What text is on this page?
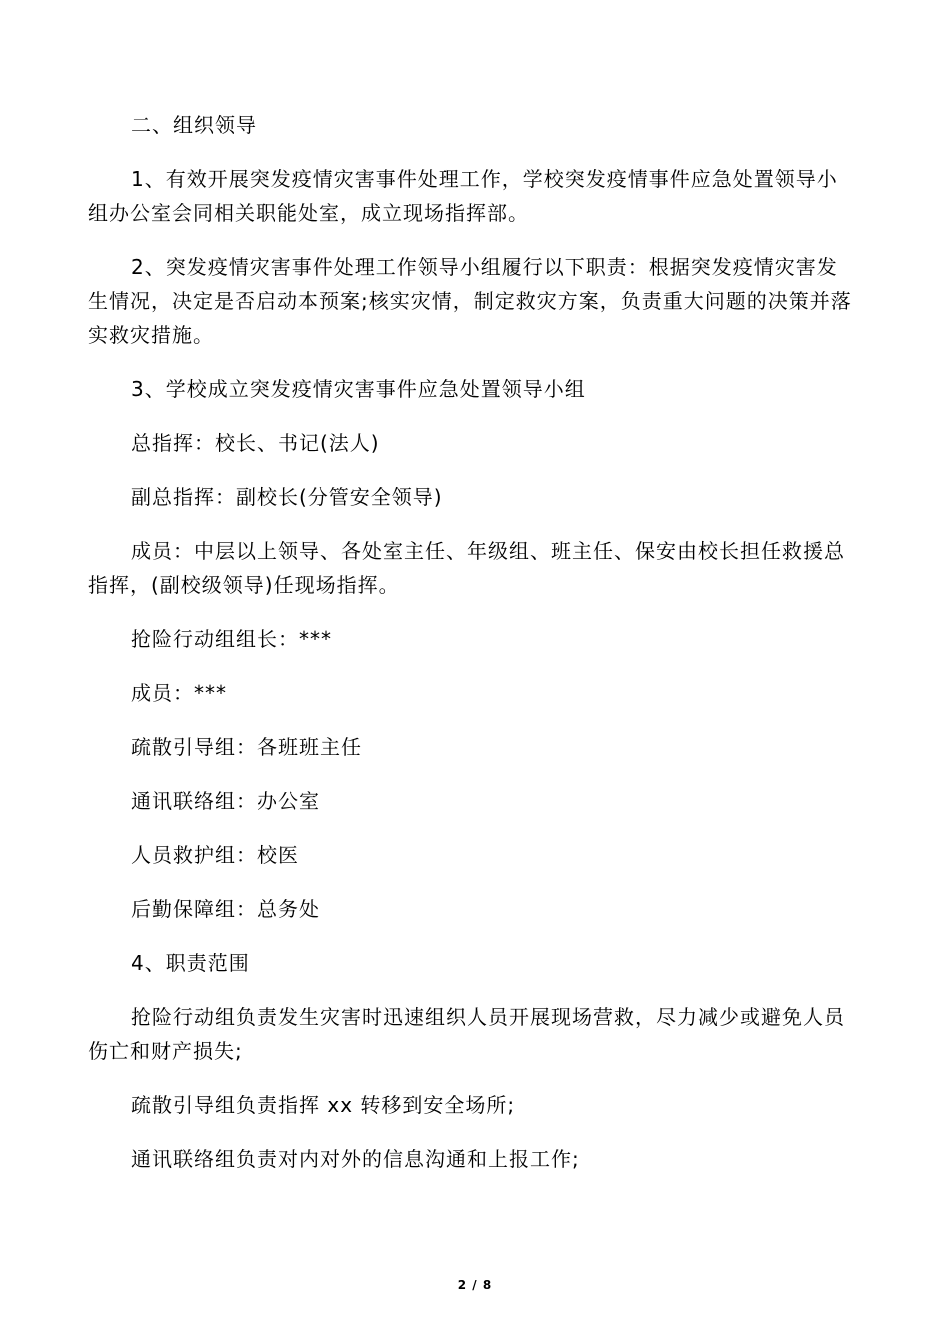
二、组织领导

1、有效开展突发疫情灾害事件处理工作，学校突发疫情事件应急处置领导小组办公室会同相关职能处室，成立现场指挥部。

2、突发疫情灾害事件处理工作领导小组履行以下职责：根据突发疫情灾害发生情况，决定是否启动本预案;核实灾情，制定救灾方案，负责重大问题的决策并落实救灾措施。

3、学校成立突发疫情灾害事件应急处置领导小组

总指挥：校长、书记(法人)

副总指挥：副校长(分管安全领导)

成员：中层以上领导、各处室主任、年级组、班主任、保安由校长担任救援总指挥，(副校级领导)任现场指挥。

抢险行动组组长：***

成员：***

疏散引导组：各班班主任

通讯联络组：办公室

人员救护组：校医

后勤保障组：总务处

4、职责范围

抢险行动组负责发生灾害时迅速组织人员开展现场营救，尽力减少或避免人员伤亡和财产损失;

疏散引导组负责指挥 xx 转移到安全场所;

通讯联络组负责对内对外的信息沟通和上报工作;

2 / 8
